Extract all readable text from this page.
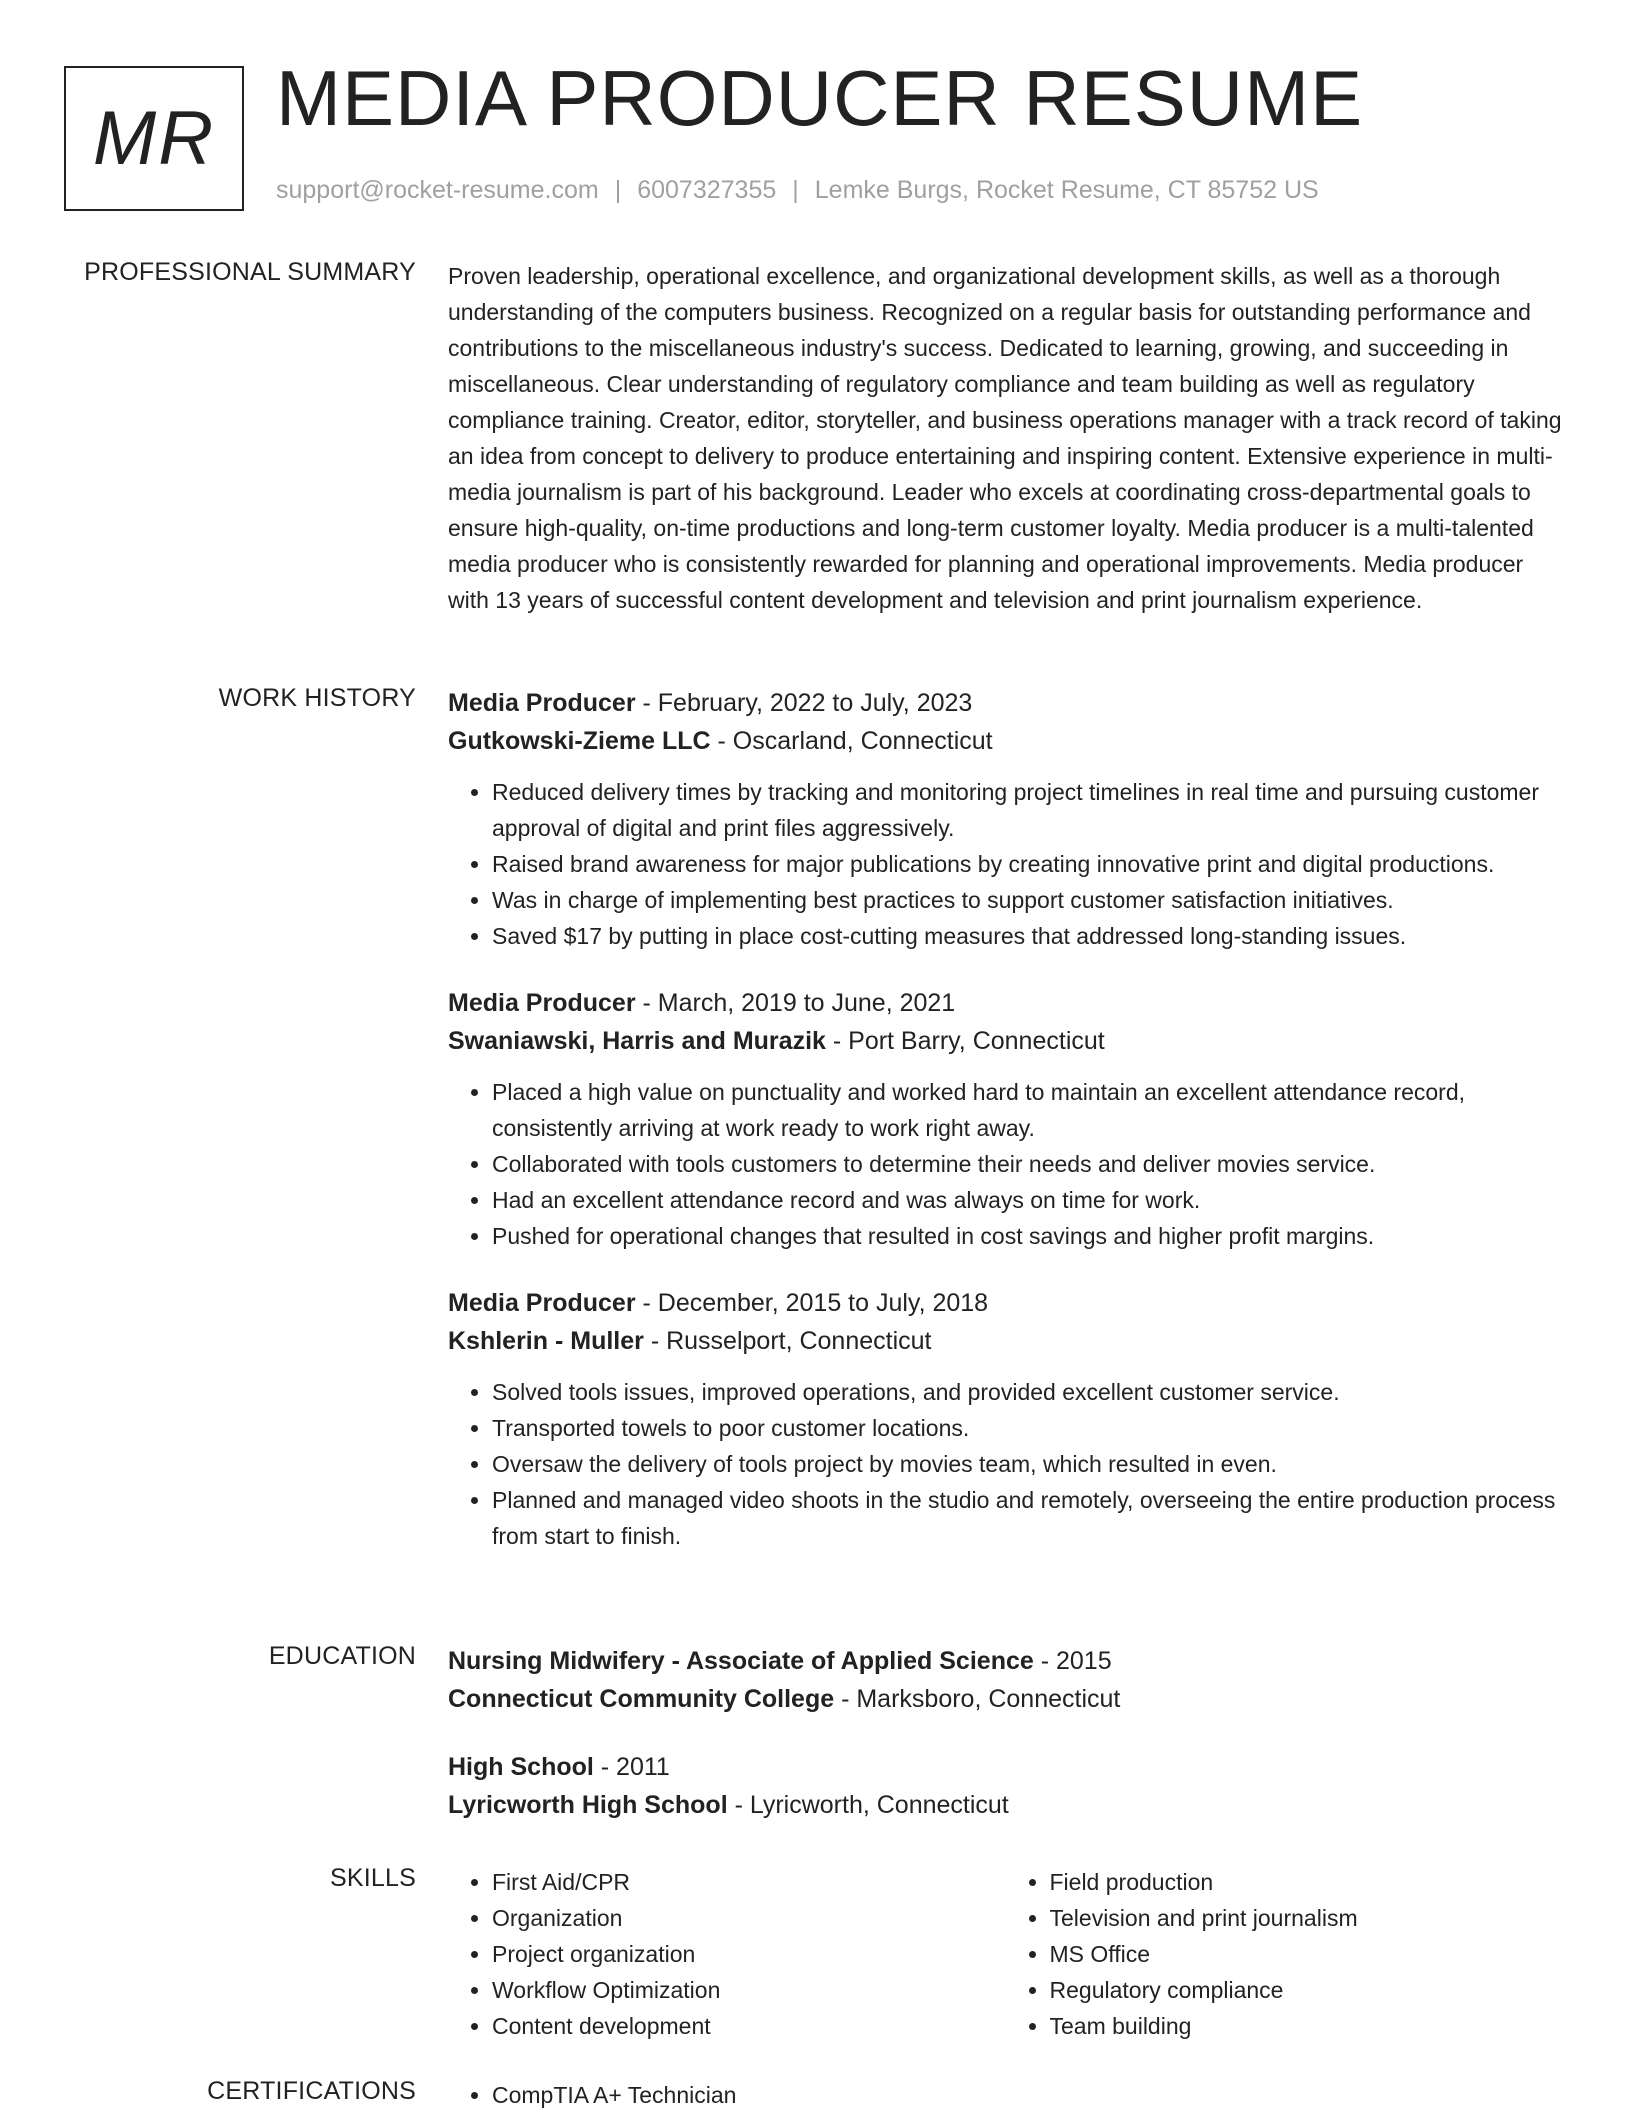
MR MEDIA PRODUCER RESUME
support@rocket-resume.com | 6007327355 | Lemke Burgs, Rocket Resume, CT 85752 US
PROFESSIONAL SUMMARY Proven leadership, operational excellence, and organizational development skills, as well as a thorough understanding of the computers business. Recognized on a regular basis for outstanding performance and contributions to the miscellaneous industry's success. Dedicated to learning, growing, and succeeding in miscellaneous. Clear understanding of regulatory compliance and team building as well as regulatory compliance training. Creator, editor, storyteller, and business operations manager with a track record of taking an idea from concept to delivery to produce entertaining and inspiring content. Extensive experience in multi-media journalism is part of his background. Leader who excels at coordinating cross-departmental goals to ensure high-quality, on-time productions and long-term customer loyalty. Media producer is a multi-talented media producer who is consistently rewarded for planning and operational improvements. Media producer with 13 years of successful content development and television and print journalism experience.

WORK HISTORY Media Producer - February, 2022 to July, 2023
Gutkowski-Zieme LLC - Oscarland, Connecticut
• Reduced delivery times by tracking and monitoring project timelines in real time and pursuing customer approval of digital and print files aggressively.
• Raised brand awareness for major publications by creating innovative print and digital productions.
• Was in charge of implementing best practices to support customer satisfaction initiatives.
• Saved $17 by putting in place cost-cutting measures that addressed long-standing issues.
Media Producer - March, 2019 to June, 2021
Swaniawski, Harris and Murazik - Port Barry, Connecticut
• Placed a high value on punctuality and worked hard to maintain an excellent attendance record, consistently arriving at work ready to work right away.
• Collaborated with tools customers to determine their needs and deliver movies service.
• Had an excellent attendance record and was always on time for work.
• Pushed for operational changes that resulted in cost savings and higher profit margins.
Media Producer - December, 2015 to July, 2018
Kshlerin - Muller - Russelport, Connecticut
• Solved tools issues, improved operations, and provided excellent customer service.
• Transported towels to poor customer locations.
• Oversaw the delivery of tools project by movies team, which resulted in even.
• Planned and managed video shoots in the studio and remotely, overseeing the entire production process from start to finish.
EDUCATION Nursing Midwifery - Associate of Applied Science - 2015
Connecticut Community College - Marksboro, Connecticut
High School - 2011
Lyricworth High School - Lyricworth, Connecticut
SKILLS	• First Aid/CPR
• Organization
• Project organization
• Workflow Optimization
• Content development
• Field production
• Television and print journalism
• MS Office
• Regulatory compliance
• Team building
CERTIFICATIONS	• CompTIA A+ Technician
